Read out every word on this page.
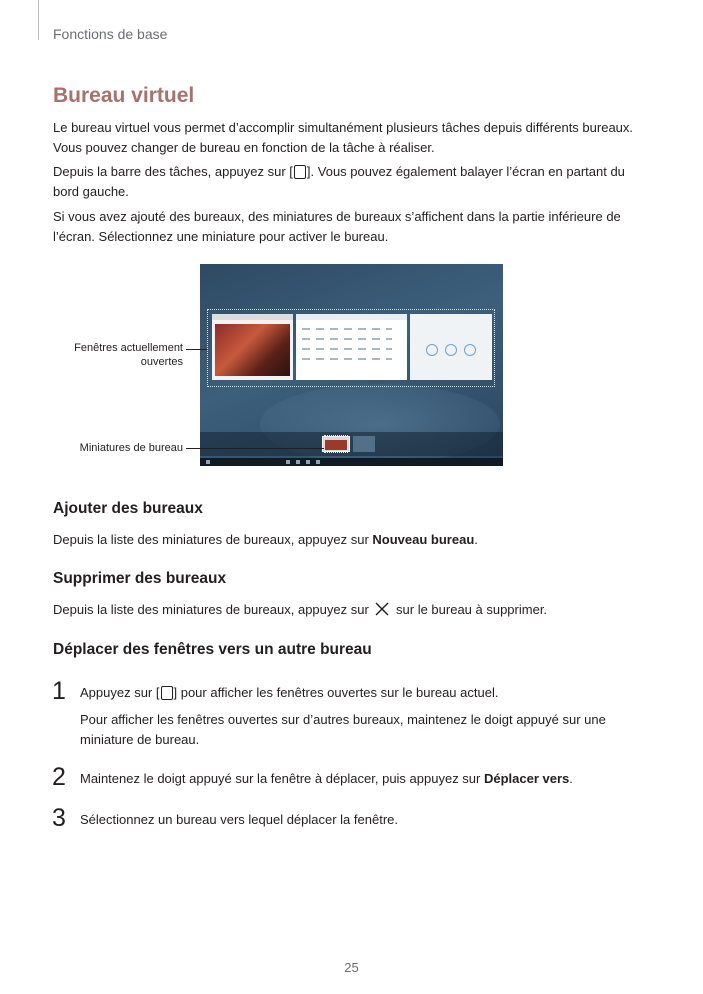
Fonctions de base
Bureau virtuel

Le bureau virtuel vous permet d’accomplir simultanément plusieurs tâches depuis différents bureaux. Vous pouvez changer de bureau en fonction de la tâche à réaliser.

Depuis la barre des tâches, appuyez sur [ ]. Vous pouvez également balayer l’écran en partant du bord gauche.

Si vous avez ajouté des bureaux, des miniatures de bureaux s’affichent dans la partie inférieure de l’écran. Sélectionnez une miniature pour activer le bureau.

Fenêtres actuellement ouvertes
Miniatures de bureau
Ajouter des bureaux

Depuis la liste des miniatures de bureaux, appuyez sur Nouveau bureau.

Supprimer des bureaux

Depuis la liste des miniatures de bureaux, appuyez sur  sur le bureau à supprimer.

Déplacer des fenêtres vers un autre bureau
1 Appuyez sur [ ] pour afficher les fenêtres ouvertes sur le bureau actuel.

Pour afficher les fenêtres ouvertes sur d’autres bureaux, maintenez le doigt appuyé sur une miniature de bureau.

2 Maintenez le doigt appuyé sur la fenêtre à déplacer, puis appuyez sur Déplacer vers.

3 Sélectionnez un bureau vers lequel déplacer la fenêtre.

25
